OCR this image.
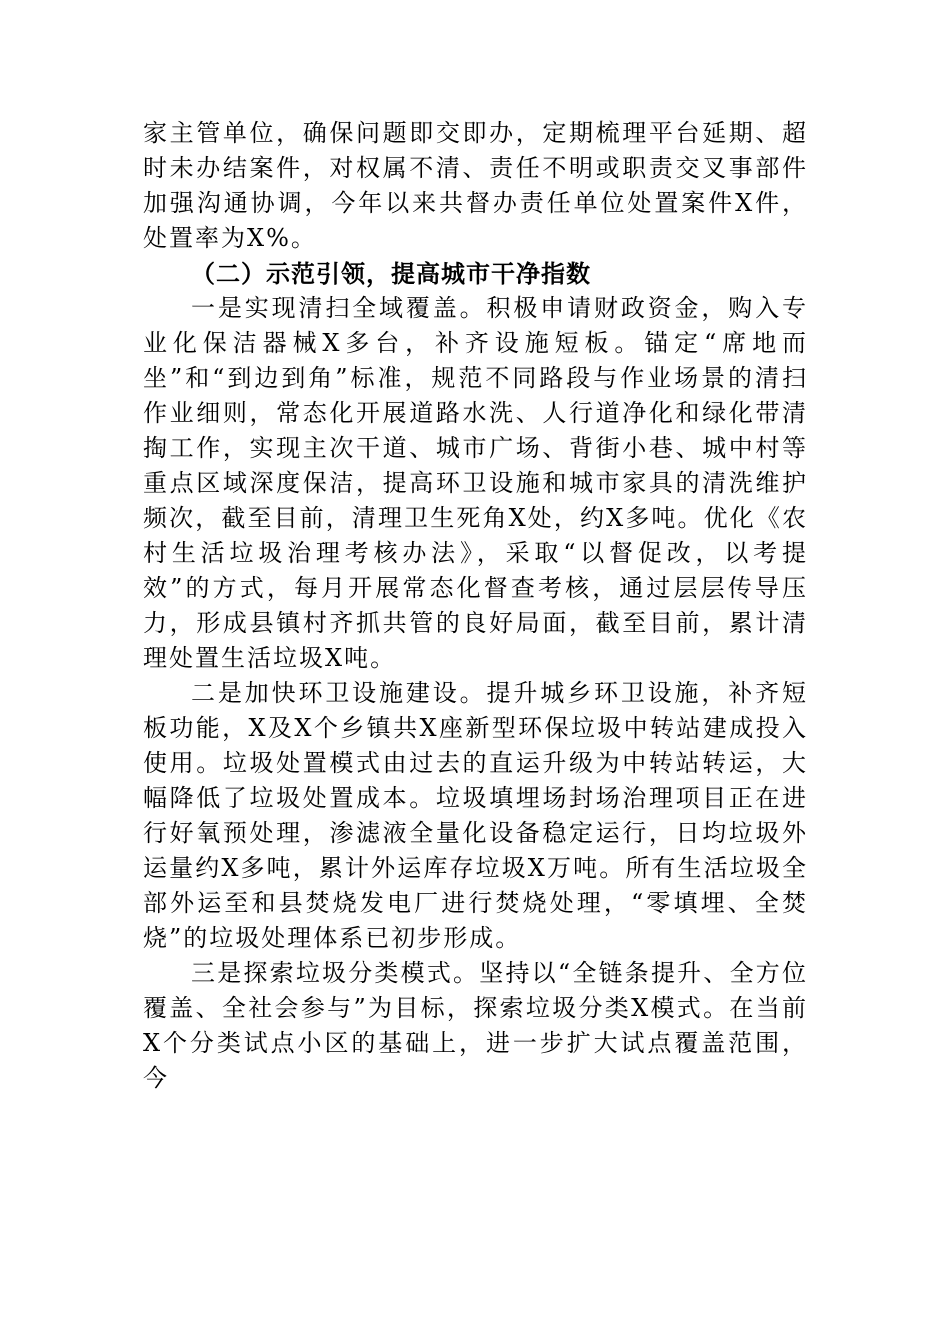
家主管单位，确保问题即交即办，定期梳理平台延期、超时未办结案件，对权属不清、责任不明或职责交叉事部件加强沟通协调，今年以来共督办责任单位处置案件X件，处置率为X%。

（二）示范引领，提高城市干净指数

一是实现清扫全域覆盖。积极申请财政资金，购入专业化保洁器械X多台，补齐设施短板。锚定“席地而坐”和“到边到角”标准，规范不同路段与作业场景的清扫作业细则，常态化开展道路水洗、人行道净化和绿化带清掏工作，实现主次干道、城市广场、背街小巷、城中村等重点区域深度保洁，提高环卫设施和城市家具的清洗维护频次，截至目前，清理卫生死角X处，约X多吨。优化《农村生活垃圾治理考核办法》，采取“以督促改，以考提效”的方式，每月开展常态化督查考核，通过层层传导压力，形成县镇村齐抓共管的良好局面，截至目前，累计清理处置生活垃圾X吨。

二是加快环卫设施建设。提升城乡环卫设施，补齐短板功能，X及X个乡镇共X座新型环保垃圾中转站建成投入使用。垃圾处置模式由过去的直运升级为中转站转运，大幅降低了垃圾处置成本。垃圾填埋场封场治理项目正在进行好氧预处理，渗滤液全量化设备稳定运行，日均垃圾外运量约X多吨，累计外运库存垃圾X万吨。所有生活垃圾全部外运至和县焚烧发电厂进行焚烧处理，“零填埋、全焚烧”的垃圾处理体系已初步形成。

三是探索垃圾分类模式。坚持以“全链条提升、全方位覆盖、全社会参与”为目标，探索垃圾分类X模式。在当前X个分类试点小区的基础上，进一步扩大试点覆盖范围，今
